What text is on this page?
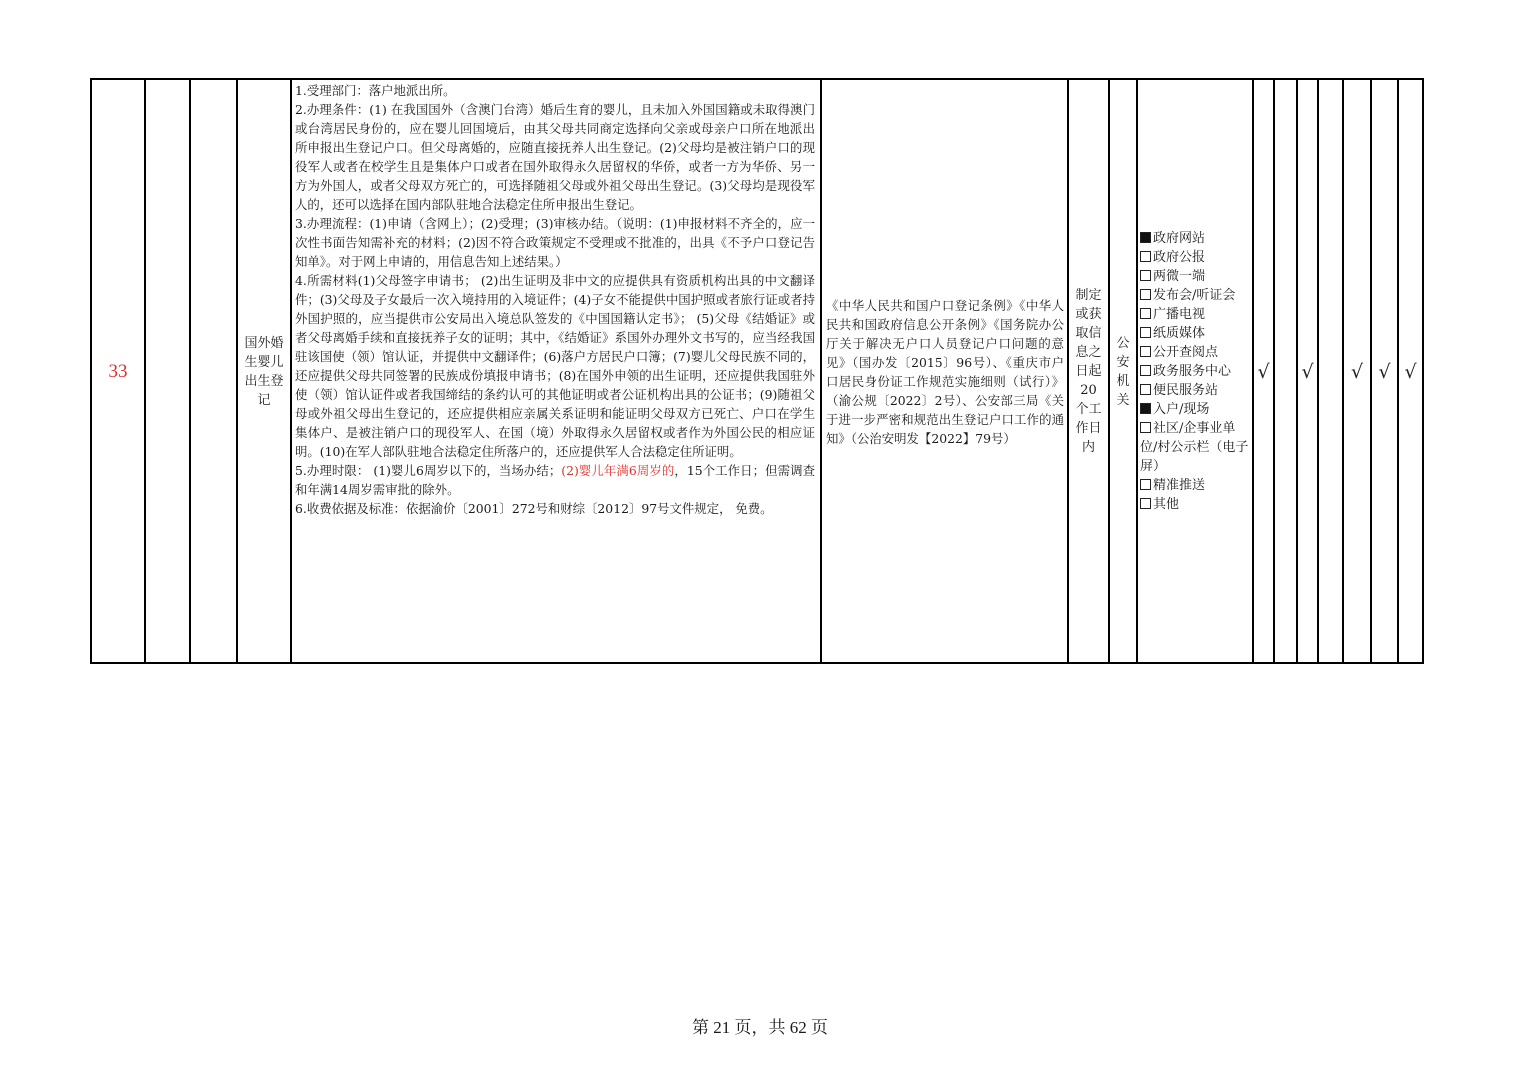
33
国外婚生婴儿出生登记

1.受理部门：落户地派出所。

2.办理条件：(1) 在我国国外（含澳门台湾）婚后生育的婴儿，且未加入外国国籍或未取得澳门或台湾居民身份的，应在婴儿回国境后，由其父母共同商定选择向父亲或母亲户口所在地派出所申报出生登记户口。但父母离婚的，应随直接抚养人出生登记。(2)父母均是被注销户口的现役军人或者在校学生且是集体户口或者在国外取得永久居留权的华侨，或者一方为华侨、另一方为外国人，或者父母双方死亡的，可选择随祖父母或外祖父母出生登记。(3)父母均是现役军人的，还可以选择在国内部队驻地合法稳定住所申报出生登记。

3.办理流程：(1)申请（含网上）；(2)受理；(3)审核办结。（说明：(1)申报材料不齐全的，应一次性书面告知需补充的材料；(2)因不符合政策规定不受理或不批准的，出具《不予户口登记告知单》。对于网上申请的，用信息告知上述结果。）

4.所需材料(1)父母签字申请书； (2)出生证明及非中文的应提供具有资质机构出具的中文翻译件；(3)父母及子女最后一次入境持用的入境证件；(4)子女不能提供中国护照或者旅行证或者持外国护照的，应当提供市公安局出入境总队签发的《中国国籍认定书》； (5)父母《结婚证》或者父母离婚手续和直接抚养子女的证明；其中，《结婚证》系国外办理外文书写的，应当经我国驻该国使（领）馆认证，并提供中文翻译件；(6)落户方居民户口簿；(7)婴儿父母民族不同的，还应提供父母共同签署的民族成份填报申请书；(8)在国外申领的出生证明，还应提供我国驻外使（领）馆认证件或者我国缔结的条约认可的其他证明或者公证机构出具的公证书；(9)随祖父母或外祖父母出生登记的，还应提供相应亲属关系证明和能证明父母双方已死亡、户口在学生集体户、是被注销户口的现役军人、在国（境）外取得永久居留权或者作为外国公民的相应证明。(10)在军人部队驻地合法稳定住所落户的，还应提供军人合法稳定住所证明。

5.办理时限： (1)婴儿6周岁以下的，当场办结；(2)婴儿年满6周岁的，15个工作日；但需调查和年满14周岁需审批的除外。

6.收费依据及标准：依据渝价〔2001〕272号和财综〔2012〕97号文件规定， 免费。

《中华人民共和国户口登记条例》《中华人民共和国政府信息公开条例》《国务院办公厅关于解决无户口人员登记户口问题的意见》（国办发〔2015〕96号）、《重庆市户口居民身份证工作规范实施细则（试行）》（渝公规〔2022〕2号）、公安部三局《关于进一步严密和规范出生登记户口工作的通知》（公治安明发【2022】79号）
制定或获取信息之日起20个工作日内
公安机关
政府网站
政府公报
两微一端
发布会/听证会
广播电视
纸质媒体
公开查阅点
政务服务中心
便民服务站
入户/现场
社区/企事业单位/村公示栏（电子屏）
精准推送
其他
√ √ √ √ √
第 21 页，共 62 页
